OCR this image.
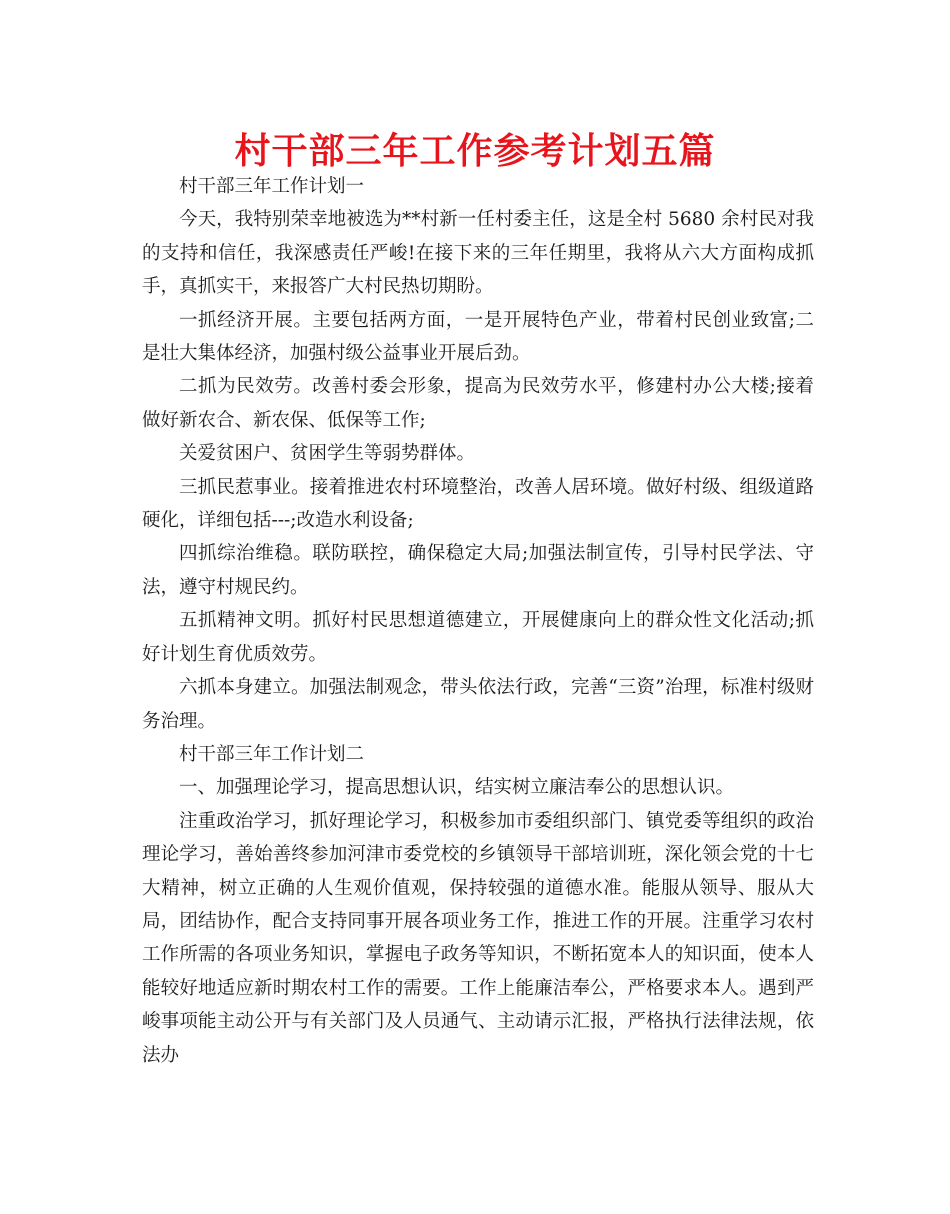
村干部三年工作参考计划五篇

村干部三年工作计划一

今天，我特别荣幸地被选为**村新一任村委主任，这是全村 5680 余村民对我的支持和信任，我深感责任严峻!在接下来的三年任期里，我将从六大方面构成抓手，真抓实干，来报答广大村民热切期盼。

一抓经济开展。主要包括两方面，一是开展特色产业，带着村民创业致富;二是壮大集体经济，加强村级公益事业开展后劲。

二抓为民效劳。改善村委会形象，提高为民效劳水平，修建村办公大楼;接着做好新农合、新农保、低保等工作;

关爱贫困户、贫困学生等弱势群体。

三抓民惹事业。接着推进农村环境整治，改善人居环境。做好村级、组级道路硬化，详细包括---;改造水利设备;

四抓综治维稳。联防联控，确保稳定大局;加强法制宣传，引导村民学法、守法，遵守村规民约。

五抓精神文明。抓好村民思想道德建立，开展健康向上的群众性文化活动;抓好计划生育优质效劳。

六抓本身建立。加强法制观念，带头依法行政，完善“三资”治理，标准村级财务治理。

村干部三年工作计划二

一、加强理论学习，提高思想认识，结实树立廉洁奉公的思想认识。

注重政治学习，抓好理论学习，积极参加市委组织部门、镇党委等组织的政治理论学习，善始善终参加河津市委党校的乡镇领导干部培训班，深化领会党的十七大精神，树立正确的人生观价值观，保持较强的道德水准。能服从领导、服从大局，团结协作，配合支持同事开展各项业务工作，推进工作的开展。注重学习农村工作所需的各项业务知识，掌握电子政务等知识，不断拓宽本人的知识面，使本人能较好地适应新时期农村工作的需要。工作上能廉洁奉公，严格要求本人。遇到严峻事项能主动公开与有关部门及人员通气、主动请示汇报，严格执行法律法规，依法办
